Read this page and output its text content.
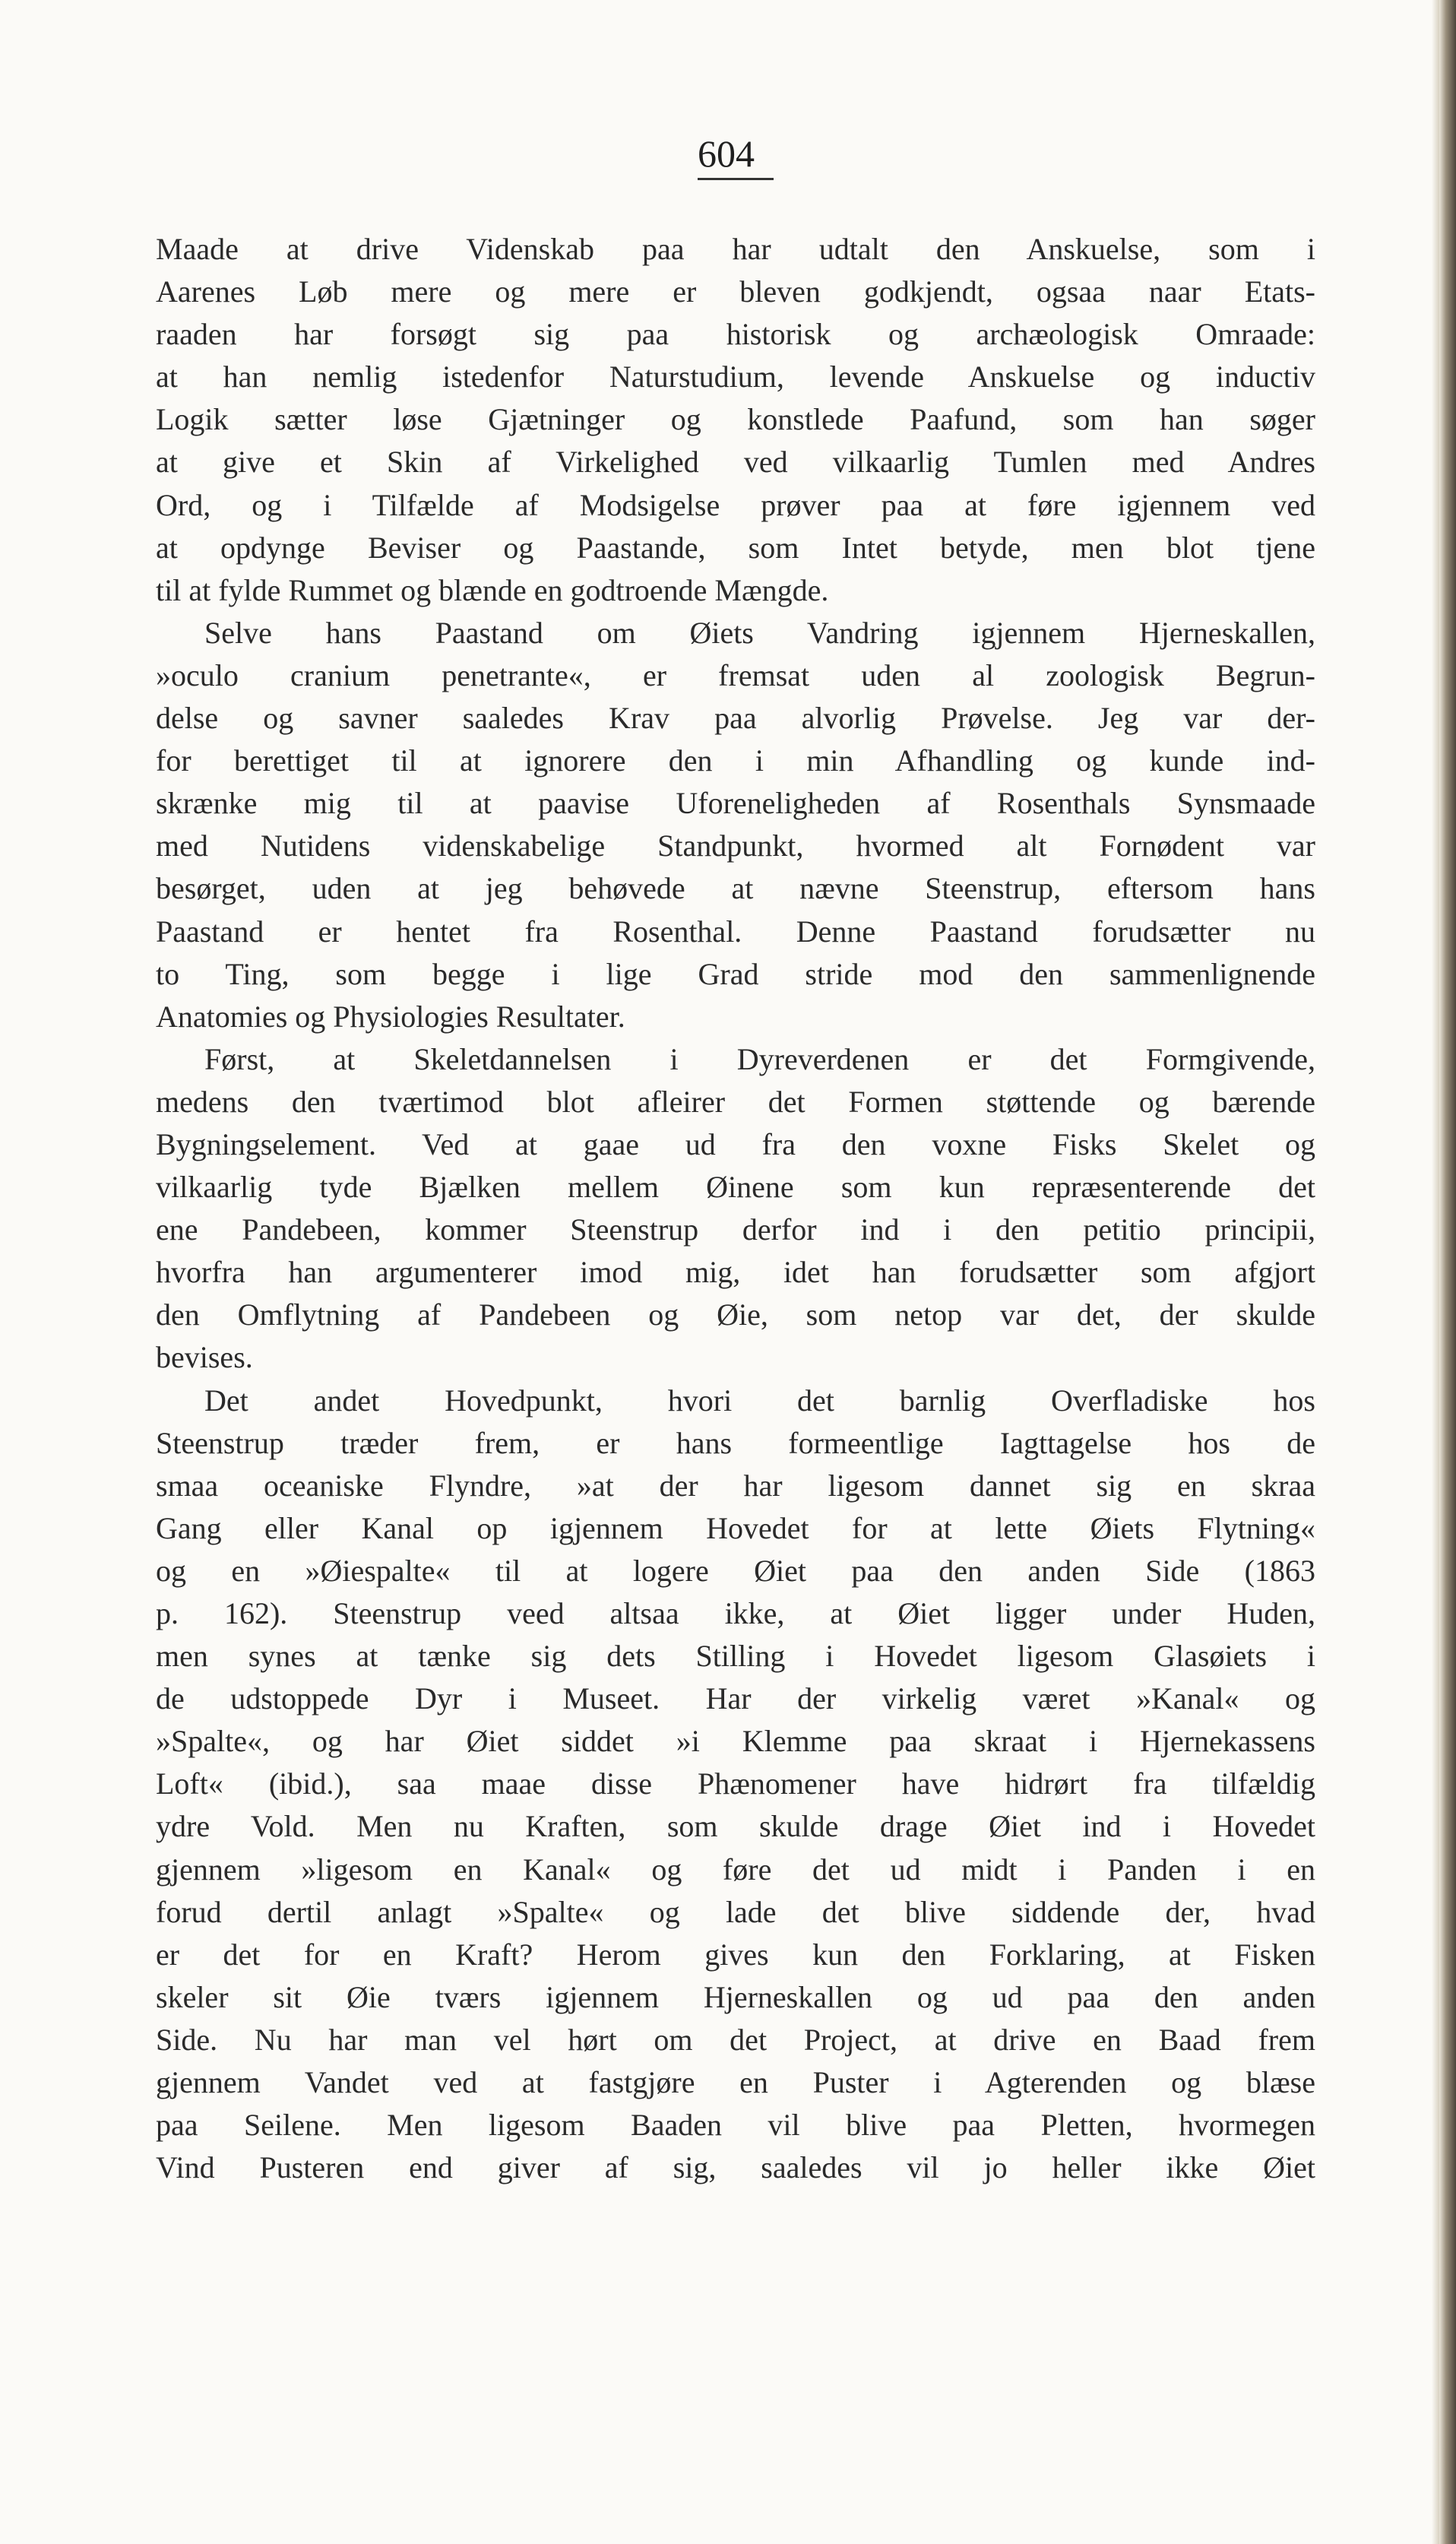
604
Maade at drive Videnskab paa har udtalt den Anskuelse, som i
Aarenes Løb mere og mere er bleven godkjendt, ogsaa naar Etats-
raaden har forsøgt sig paa historisk og archæologisk Omraade:
at han nemlig istedenfor Naturstudium, levende Anskuelse og inductiv
Logik sætter løse Gjætninger og konstlede Paafund, som han søger
at give et Skin af Virkelighed ved vilkaarlig Tumlen med Andres
Ord, og i Tilfælde af Modsigelse prøver paa at føre igjennem ved
at opdynge Beviser og Paastande, som Intet betyde, men blot tjene
til at fylde Rummet og blænde en godtroende Mængde.
Selve hans Paastand om Øiets Vandring igjennem Hjerneskallen,
»oculo cranium penetrante«, er fremsat uden al zoologisk Begrun-
delse og savner saaledes Krav paa alvorlig Prøvelse. Jeg var der-
for berettiget til at ignorere den i min Afhandling og kunde ind-
skrænke mig til at paavise Uforeneligheden af Rosenthals Synsmaade
med Nutidens videnskabelige Standpunkt, hvormed alt Fornødent var
besørget, uden at jeg behøvede at nævne Steenstrup, eftersom hans
Paastand er hentet fra Rosenthal. Denne Paastand forudsætter nu
to Ting, som begge i lige Grad stride mod den sammenlignende
Anatomies og Physiologies Resultater.
Først, at Skeletdannelsen i Dyreverdenen er det Formgivende,
medens den tværtimod blot afleirer det Formen støttende og bærende
Bygningselement. Ved at gaae ud fra den voxne Fisks Skelet og
vilkaarlig tyde Bjælken mellem Øinene som kun repræsenterende det
ene Pandebeen, kommer Steenstrup derfor ind i den petitio principii,
hvorfra han argumenterer imod mig, idet han forudsætter som afgjort
den Omflytning af Pandebeen og Øie, som netop var det, der skulde
bevises.
Det andet Hovedpunkt, hvori det barnlig Overfladiske hos
Steenstrup træder frem, er hans formeentlige Iagttagelse hos de
smaa oceaniske Flyndre, »at der har ligesom dannet sig en skraa
Gang eller Kanal op igjennem Hovedet for at lette Øiets Flytning«
og en »Øiespalte« til at logere Øiet paa den anden Side (1863
p. 162). Steenstrup veed altsaa ikke, at Øiet ligger under Huden,
men synes at tænke sig dets Stilling i Hovedet ligesom Glasøiets i
de udstoppede Dyr i Museet. Har der virkelig været »Kanal« og
»Spalte«, og har Øiet siddet »i Klemme paa skraat i Hjernekassens
Loft« (ibid.), saa maae disse Phænomener have hidrørt fra tilfældig
ydre Vold. Men nu Kraften, som skulde drage Øiet ind i Hovedet
gjennem »ligesom en Kanal« og føre det ud midt i Panden i en
forud dertil anlagt »Spalte« og lade det blive siddende der, hvad
er det for en Kraft? Herom gives kun den Forklaring, at Fisken
skeler sit Øie tværs igjennem Hjerneskallen og ud paa den anden
Side. Nu har man vel hørt om det Project, at drive en Baad frem
gjennem Vandet ved at fastgjøre en Puster i Agterenden og blæse
paa Seilene. Men ligesom Baaden vil blive paa Pletten, hvormegen
Vind Pusteren end giver af sig, saaledes vil jo heller ikke Øiet
